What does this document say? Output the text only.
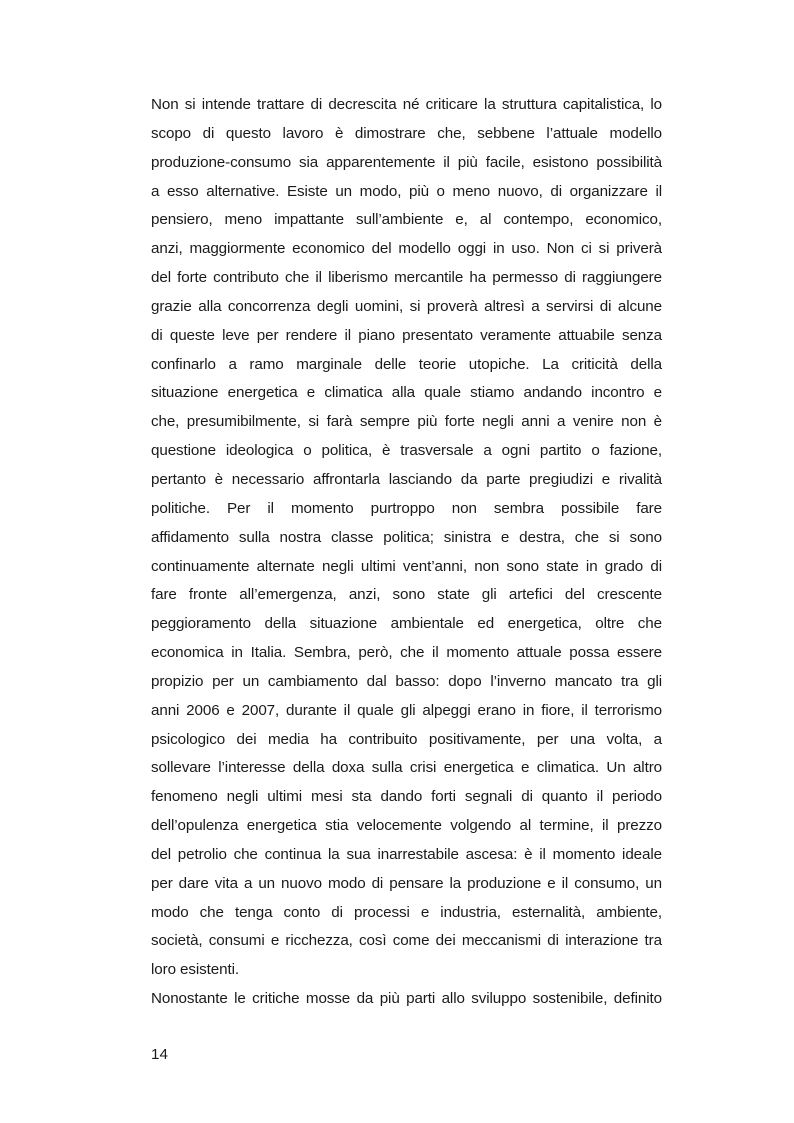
Non si intende trattare di decrescita né criticare la struttura capitalistica, lo
scopo di questo lavoro è dimostrare che, sebbene l’attuale modello
produzione-consumo sia apparentemente il più facile, esistono possibilità
a esso alternative. Esiste un modo, più o meno nuovo, di organizzare il
pensiero, meno impattante sull’ambiente e, al contempo, economico,
anzi, maggiormente economico del modello oggi in uso. Non ci si priverà
del forte contributo che il liberismo mercantile ha permesso di raggiungere
grazie alla concorrenza degli uomini, si proverà altresì a servirsi di alcune
di queste leve per rendere il piano presentato veramente attuabile senza
confinarlo a ramo marginale delle teorie utopiche. La criticità della
situazione energetica e climatica alla quale stiamo andando incontro e
che, presumibilmente, si farà sempre più forte negli anni a venire non è
questione ideologica o politica, è trasversale a ogni partito o fazione,
pertanto è necessario affrontarla lasciando da parte pregiudizi e rivalità
politiche. Per il momento purtroppo non sembra possibile fare
affidamento sulla nostra classe politica; sinistra e destra, che si sono
continuamente alternate negli ultimi vent’anni, non sono state in grado di
fare fronte all’emergenza, anzi, sono state gli artefici del crescente
peggioramento della situazione ambientale ed energetica, oltre che
economica in Italia. Sembra, però, che il momento attuale possa essere
propizio per un cambiamento dal basso: dopo l’inverno mancato tra gli
anni 2006 e 2007, durante il quale gli alpeggi erano in fiore, il terrorismo
psicologico dei media ha contribuito positivamente, per una volta, a
sollevare l’interesse della doxa sulla crisi energetica e climatica. Un altro
fenomeno negli ultimi mesi sta dando forti segnali di quanto il periodo
dell’opulenza energetica stia velocemente volgendo al termine, il prezzo
del petrolio che continua la sua inarrestabile ascesa: è il momento ideale
per dare vita a un nuovo modo di pensare la produzione e il consumo, un
modo che tenga conto di processi e industria, esternalità, ambiente,
società, consumi e ricchezza, così come dei meccanismi di interazione tra
loro esistenti.
Nonostante le critiche mosse da più parti allo sviluppo sostenibile, definito
14
